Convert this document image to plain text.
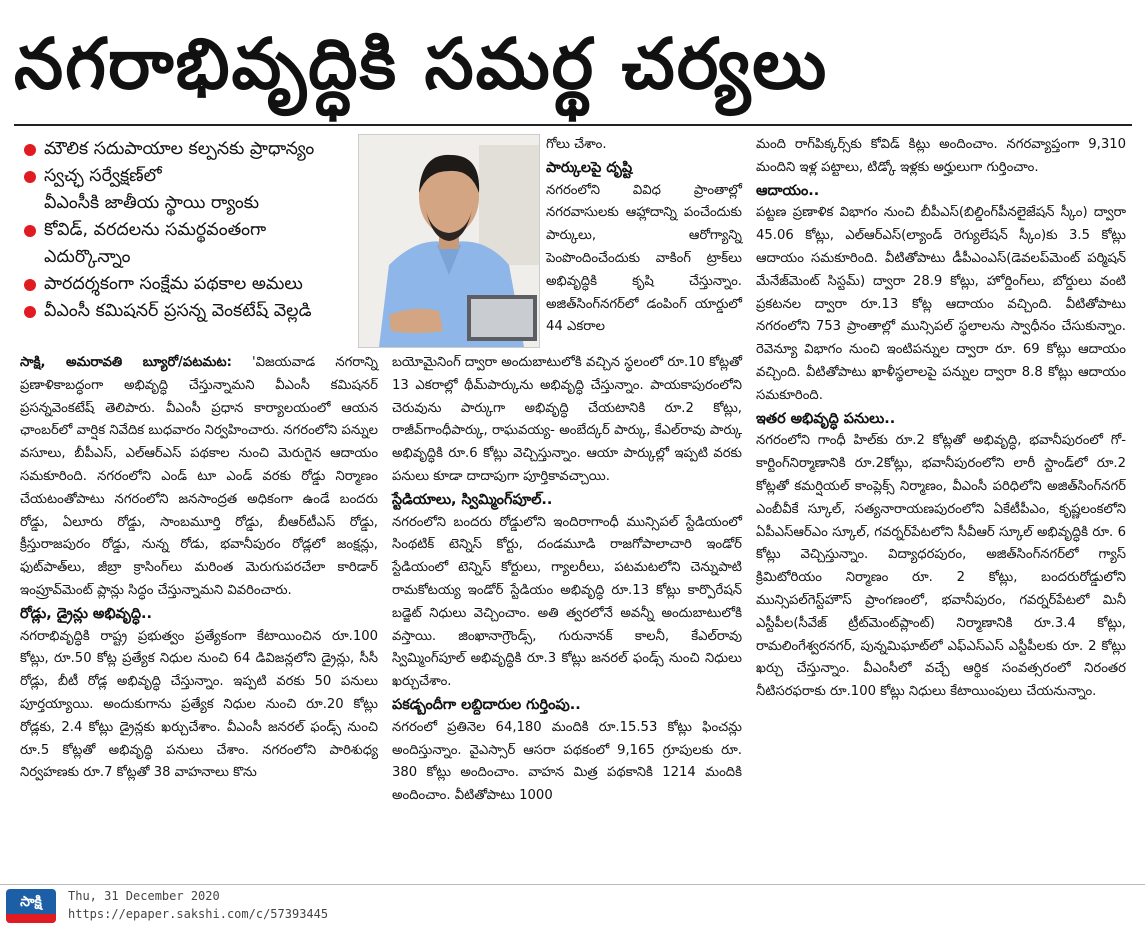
నగరాభివృద్ధికి సమర్థ చర్యలు
మౌలిక సదుపాయాల కల్పనకు ప్రాధాన్యం
స్వచ్ఛ సర్వేక్షణ్‌లో
వీఎంసీకి జాతీయ స్థాయి ర్యాంకు
కోవిడ్, వరదలను సమర్థవంతంగా
ఎదుర్కొన్నాం
పారదర్శకంగా సంక్షేమ పథకాల అమలు
వీఎంసీ కమిషనర్ ప్రసన్న వెంకటేష్ వెల్లడి
సాక్షి, అమరావతి బ్యూరో/పటమట: 'విజయవాడ నగరాన్ని ప్రణాళికాబద్ధంగా అభివృద్ధి చేస్తున్నామని వీఎంసీ కమిషనర్ ప్రసన్నవెంకటేష్ తెలిపారు. వీఎంసీ ప్రధాన కార్యాలయంలో ఆయన ఛాంబర్‌లో వార్షిక నివేదిక బుధవారం నిర్వహించారు. నగరంలోని పన్నుల వసూలు, బీపీఎస్, ఎల్ఆర్ఎస్ పథకాల నుంచి మెరుగైన ఆదాయం సమకూరింది. నగరంలోని ఎండ్ టూ ఎండ్ వరకు రోడ్డు నిర్మాణం చేయటంతోపాటు నగరంలోని జనసాంద్రత అధికంగా ఉండే బందరు రోడ్డు, ఏలూరు రోడ్డు, సాంబమూర్తి రోడ్డు, బీఆర్‌టీఎస్ రోడ్డు, క్రీస్తురాజపురం రోడ్డు, నున్న రోడు, భవానీపురం రోడ్లలో జంక్షన్లు, ఫుట్‌పాత్‌లు, జీబ్రా క్రాసింగ్‌లు మరింత మెరుగుపరచేలా కారిడార్ ఇంప్రూవ్‌మెంట్ ప్లాన్లు సిద్ధం చేస్తున్నామని వివరించారు.
రోడ్లు, డ్రైన్లు అభివృద్ధి..
నగరాభివృద్ధికి రాష్ట్ర ప్రభుత్వం ప్రత్యేకంగా కేటాయించిన రూ.100 కోట్లు, రూ.50 కోట్ల ప్రత్యేక నిధుల నుంచి 64 డివిజన్లలోని డ్రైన్లు, సీసీ రోడ్లు, బీటీ రోడ్ల అభివృద్ధి చేస్తున్నాం. ఇప్పటి వరకు 50 పనులు పూర్తయ్యాయి. అందుకుగాను ప్రత్యేక నిధుల నుంచి రూ.20 కోట్లు రోడ్లకు, 2.4 కోట్లు డ్రైన్లకు ఖర్చుచేశాం. వీఎంసీ జనరల్ ఫండ్స్ నుంచి రూ.5 కోట్లతో అభివృద్ధి పనులు చేశాం. నగరంలోని పారిశుధ్య నిర్వహణకు రూ.7 కోట్లతో 38 వాహనాలు కొను
గోలు చేశాం.
పార్కులపై దృష్టి
నగరంలోని వివిధ ప్రాంతాల్లో నగరవాసులకు ఆహ్లాదాన్ని పంచేందుకు పార్కులు, ఆరోగ్యాన్ని పెంపొందించేందుకు వాకింగ్ ట్రాక్‌లు అభివృద్ధికి కృషి చేస్తున్నాం. అజిత్‌సింగ్‌నగర్‌లో డంపింగ్ యార్డులో 44 ఎకరాల
బయోమైనింగ్ ద్వారా అందుబాటులోకి వచ్చిన స్థలంలో రూ.10 కోట్లతో 13 ఎకరాల్లో థీమ్‌పార్కును అభివృద్ధి చేస్తున్నాం. పాయకాపురంలోని చెరువును పార్కుగా అభివృద్ధి చేయటానికి రూ.2 కోట్లు, రాజీవ్‌గాంధీపార్కు, రాఘవయ్య- అంబేద్కర్ పార్కు, కేఎల్‌రావు పార్కు అభివృద్ధికి రూ.6 కోట్లు వెచ్చిస్తున్నాం. ఆయా పార్కుల్లో ఇప్పటి వరకు పనులు కూడా దాదాపుగా పూర్తికావచ్చాయి.
స్టేడియాలు, స్విమ్మింగ్‌పూల్..
నగరంలోని బందరు రోడ్డులోని ఇందిరాగాంధీ మున్సిపల్ స్టేడియంలో సింథటిక్ టెన్నిస్ కోర్టు, దండమూడి రాజగోపాలాచారి ఇండోర్ స్టేడియంలో టెన్నిస్ కోర్టులు, గ్యాలరీలు, పటమటలోని చెన్నుపాటి రామకోటయ్య ఇండోర్ స్టేడియం అభివృద్ధి రూ.13 కోట్లు కార్పొరేషన్ బడ్జెట్ నిధులు వెచ్చించాం. అతి త్వరలోనే అవన్నీ అందుబాటులోకి వస్తాయి. జింఖానాగ్రౌండ్స్, గురునానక్ కాలనీ, కేఎల్‌రావు స్విమ్మింగ్‌పూల్ అభివృద్ధికి రూ.3 కోట్లు జనరల్ ఫండ్స్ నుంచి నిధులు ఖర్చుచేశాం.
పకడ్బందీగా లబ్దిదారుల గుర్తింపు..
నగరంలో ప్రతినెల 64,180 మందికి రూ.15.53 కోట్లు ఫించన్లు అందిస్తున్నాం. వైఎస్సార్ ఆసరా పథకంలో 9,165 గ్రూపులకు రూ. 380 కోట్లు అందించాం. వాహన మిత్ర పథకానికి 1214 మందికి అందించాం. వీటితోపాటు 1000
మంది రాగ్‌పిక్కర్స్‌కు కోవిడ్ కిట్లు అందించాం. నగరవ్యాప్తంగా 9,310 మందిని ఇళ్ల పట్టాలు, టిడ్కో ఇళ్లకు అర్హులుగా గుర్తించాం.
ఆదాయం..
పట్టణ ప్రణాళిక విభాగం నుంచి బీపీఎస్(బిల్డింగ్‌పీనలైజేషన్ స్కీం) ద్వారా 45.06 కోట్లు, ఎల్ఆర్ఎస్(ల్యాండ్ రెగ్యులేషన్ స్కీం)కు 3.5 కోట్లు ఆదాయం సమకూరింది. వీటితోపాటు డీపీఎంఎస్(డెవలప్‌మెంట్ పర్మిషన్ మేనేజ్‌మెంట్ సిస్టమ్) ద్వారా 28.9 కోట్లు, హోర్డింగ్‌లు, బోర్డులు వంటి ప్రకటనల ద్వారా రూ.13 కోట్ల ఆదాయం వచ్చింది. వీటితోపాటు నగరంలోని 753 ప్రాంతాల్లో మున్సిపల్ స్థలాలను స్వాధీనం చేసుకున్నాం. రెవెన్యూ విభాగం నుంచి ఇంటిపన్నుల ద్వారా రూ. 69 కోట్లు ఆదాయం వచ్చింది. వీటితోపాటు ఖాళీస్థలాలపై పన్నుల ద్వారా 8.8 కోట్లు ఆదాయం సమకూరింది.
ఇతర అభివృద్ధి పనులు..
నగరంలోని గాంధీ హిల్‌కు రూ.2 కోట్లతో అభివృద్ధి, భవానీపురంలో గో-కార్టింగ్‌నిర్మాణానికి రూ.2కోట్లు, భవానీపురంలోని లారీ స్టాండ్‌లో రూ.2 కోట్లతో కమర్షియల్ కాంప్లెక్స్ నిర్మాణం, వీఎంసీ పరిధిలోని అజిత్‌సింగ్‌నగర్ ఎంబీవీకే స్కూల్, సత్యనారాయణపురంలోని ఏకేటీపీఎం, కృష్ణలంకలోని ఏపీఎస్ఆర్ఎం స్కూల్, గవర్నర్‌పేటలోని సీవీఆర్ స్కూల్ అభివృద్ధికి రూ. 6 కోట్లు వెచ్చిస్తున్నాం. విద్యాధరపురం, అజిత్‌సింగ్‌నగర్‌లో గ్యాస్ క్రిమిటోరియం నిర్మాణం రూ. 2 కోట్లు, బందరురోడ్డులోని మున్సిపల్‌గెస్ట్‌హౌస్ ప్రాంగణంలో, భవానీపురం, గవర్నర్‌పేటలో మినీ ఎస్టీపీల(సీవేజ్ ట్రీట్‌మెంట్‌ప్లాంట్) నిర్మాణానికి రూ.3.4 కోట్లు, రామలింగేశ్వరనగర్, పున్నమిఘాట్‌లో ఎఫ్ఎస్ఎస్ ఎస్టీపీలకు రూ. 2 కోట్లు ఖర్చు చేస్తున్నాం. వీఎంసీలో వచ్చే ఆర్థిక సంవత్సరంలో నిరంతర నీటిసరఫరాకు రూ.100 కోట్లు నిధులు కేటాయింపులు చేయనున్నాం.
సాక్షి	Thu, 31 December 2020
https://epaper.sakshi.com/c/57393445
